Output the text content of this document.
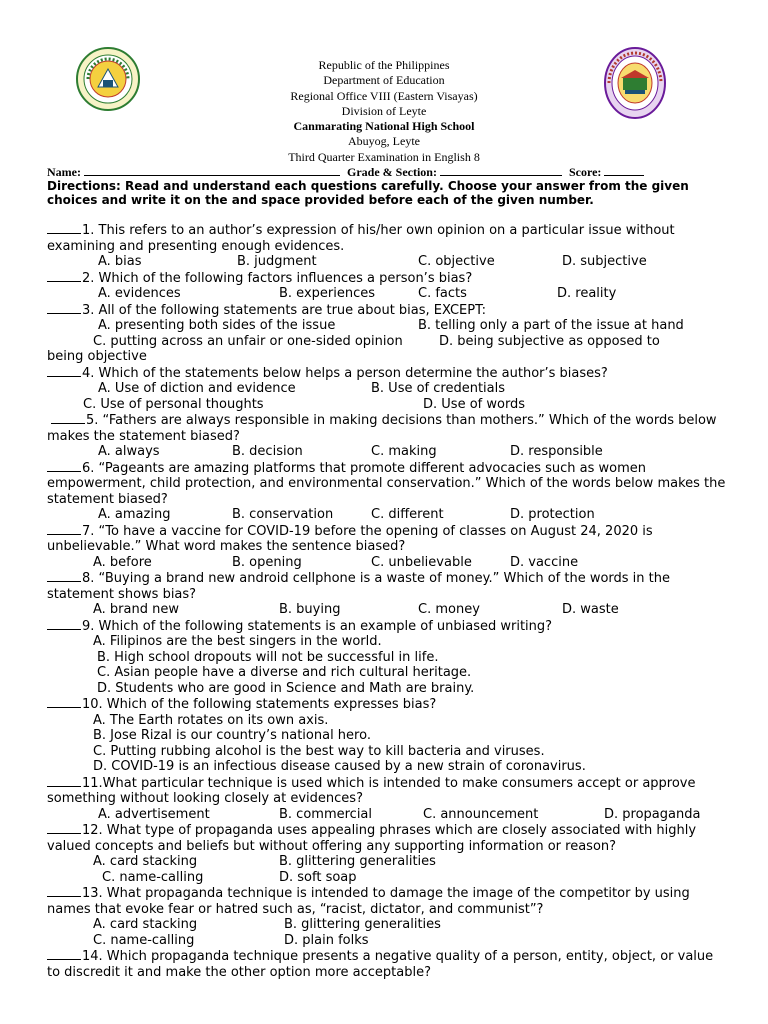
Republic of the Philippines
Department of Education
Regional Office VIII (Eastern Visayas)
Division of Leyte
Canmarating National High School
Abuyog, Leyte
Third Quarter Examination in English 8
Name:	Grade & Section:	Score:
Directions: Read and understand each questions carefully. Choose your answer from the given choices and write it on the and space provided before each of the given number.
1. This refers to an author’s expression of his/her own opinion on a particular issue without examining and presenting enough evidences.
A. bias	B. judgment	C. objective	D. subjective
2. Which of the following factors influences a person’s bias?
A. evidences	B. experiences	C. facts	D. reality
3. All of the following statements are true about bias, EXCEPT:
A. presenting both sides of the issue	B. telling only a part of the issue at hand
C. putting across an unfair or one-sided opinion	D. being subjective as opposed to
being objective
4. Which of the statements below helps a person determine the author’s biases?
A. Use of diction and evidence	B. Use of credentials
C. Use of personal thoughts	D. Use of words
5. “Fathers are always responsible in making decisions than mothers.” Which of the words below makes the statement biased?
A. always	B. decision	C. making	D. responsible
6. “Pageants are amazing platforms that promote different advocacies such as women empowerment, child protection, and environmental conservation.” Which of the words below makes the statement biased?
A. amazing	B. conservation	C. different	D. protection
7. “To have a vaccine for COVID-19 before the opening of classes on August 24, 2020 is unbelievable.” What word makes the sentence biased?
A. before	B. opening	C. unbelievable	D. vaccine
8. “Buying a brand new android cellphone is a waste of money.” Which of the words in the statement shows bias?
A. brand new	B. buying	C. money	D. waste
9. Which of the following statements is an example of unbiased writing?
A. Filipinos are the best singers in the world.
B. High school dropouts will not be successful in life.
C. Asian people have a diverse and rich cultural heritage.
D. Students who are good in Science and Math are brainy.
10. Which of the following statements expresses bias?
A. The Earth rotates on its own axis.
B. Jose Rizal is our country’s national hero.
C. Putting rubbing alcohol is the best way to kill bacteria and viruses.
D. COVID-19 is an infectious disease caused by a new strain of coronavirus.
11.What particular technique is used which is intended to make consumers accept or approve something without looking closely at evidences?
A. advertisement	B. commercial	C. announcement	D. propaganda
12. What type of propaganda uses appealing phrases which are closely associated with highly valued concepts and beliefs but without offering any supporting information or reason?
A. card stacking	B. glittering generalities
C. name-calling	D. soft soap
13. What propaganda technique is intended to damage the image of the competitor by using names that evoke fear or hatred such as, “racist, dictator, and communist”?
A. card stacking	B. glittering generalities
C. name-calling	D. plain folks
14. Which propaganda technique presents a negative quality of a person, entity, object, or value to discredit it and make the other option more acceptable?
